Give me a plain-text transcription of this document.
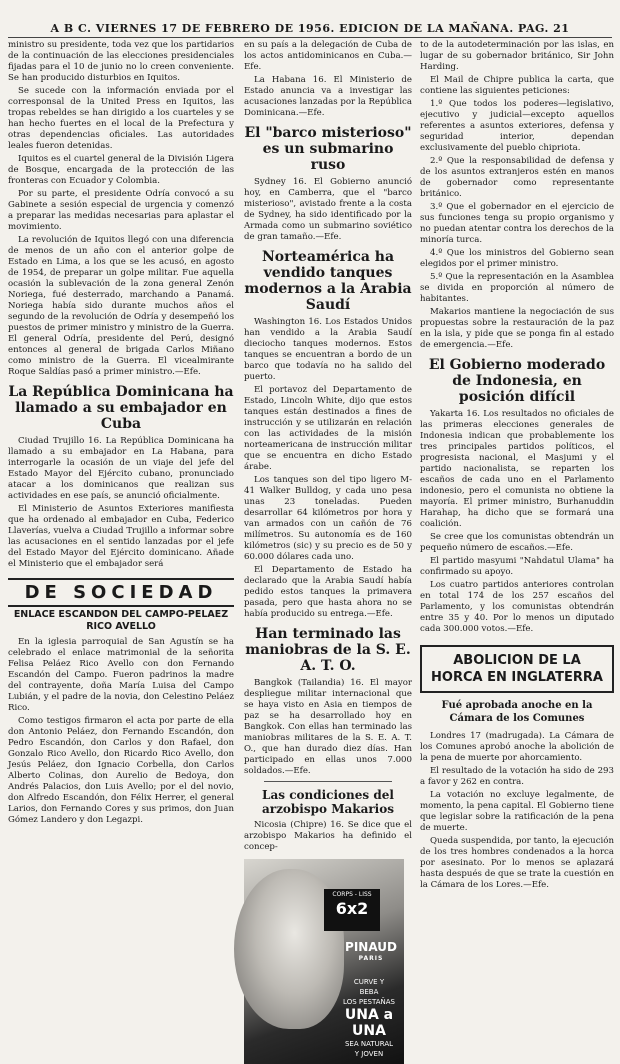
A B C. VIERNES 17 DE FEBRERO DE 1956. EDICION DE LA MAÑANA. PAG. 21

ministro su presidente, toda vez que los partidarios de la continuación de las elecciones presidenciales fijadas para el 10 de junio no lo creen conveniente. Se han producido disturbios en Iquitos.

Se sucede con la información enviada por el corresponsal de la United Press en Iquitos, las tropas rebeldes se han dirigido a los cuarteles y se han hecho fuertes en el local de la Prefectura y otras dependencias oficiales. Las autoridades leales fueron detenidas.

Iquitos es el cuartel general de la División Ligera de Bosque, encargada de la protección de las fronteras con Ecuador y Colombia.

Por su parte, el presidente Odría convocó a su Gabinete a sesión especial de urgencia y comenzó a preparar las medidas necesarias para aplastar el movimiento.

La revolución de Iquitos llegó con una diferencia de menos de un año con el anterior golpe de Estado en Lima, a los que se les acusó, en agosto de 1954, de preparar un golpe militar. Fue aquella ocasión la sublevación de la zona general Zenón Noriega, fué desterrado, marchando a Panamá. Noriega había sido durante muchos años el segundo de la revolución de Odría y desempeñó los puestos de primer ministro y ministro de la Guerra. El general Odría, presidente del Perú, designó entonces al general de brigada Carlos Miñano como ministro de la Guerra. El vicealmirante Roque Saldías pasó a primer ministro.—Efe.

La República Dominicana ha llamado a su embajador en Cuba

Ciudad Trujillo 16. La República Dominicana ha llamado a su embajador en La Habana, para interrogarle la ocasión de un viaje del jefe del Estado Mayor del Ejército cubano, pronunciado atacar a los dominicanos que realizan sus actividades en ese país, se anunció oficialmente.

El Ministerio de Asuntos Exteriores manifiesta que ha ordenado al embajador en Cuba, Federico Llaverías, vuelva a Ciudad Trujillo a informar sobre las acusaciones en el sentido lanzadas por el jefe del Estado Mayor del Ejército dominicano. Añade el Ministerio que el embajador será

DE SOCIEDAD
ENLACE ESCANDON DEL CAMPO-PELAEZ RICO AVELLO

En la iglesia parroquial de San Agustín se ha celebrado el enlace matrimonial de la señorita Felisa Peláez Rico Avello con don Fernando Escandón del Campo. Fueron padrinos la madre del contrayente, doña María Luisa del Campo Lubián, y el padre de la novia, don Celestino Peláez Rico.

Como testigos firmaron el acta por parte de ella don Antonio Peláez, don Fernando Escandón, don Pedro Escandón, don Carlos y don Rafael, don Gonzalo Rico Avello, don Ricardo Rico Avello, don Jesús Peláez, don Ignacio Corbella, don Carlos Alberto Colinas, don Aurelio de Bedoya, don Andrés Palacios, don Luis Avello; por el del novio, don Alfredo Escandón, don Félix Herrer, el general Larios, don Fernando Cores y sus primos, don Juan Gómez Landero y don Legazpi.

en su país a la delegación de Cuba de los actos antidominicanos en Cuba.—Efe.

La Habana 16. El Ministerio de Estado anuncia va a investigar las acusaciones lanzadas por la República Dominicana.—Efe.

El "barco misterioso" es un submarino ruso

Sydney 16. El Gobierno anunció hoy, en Camberra, que el "barco misterioso", avistado frente a la costa de Sydney, ha sido identificado por la Armada como un submarino soviético de gran tamaño.—Efe.

Norteamérica ha vendido tanques modernos a la Arabia Saudí

Washington 16. Los Estados Unidos han vendido a la Arabia Saudí dieciocho tanques modernos. Estos tanques se encuentran a bordo de un barco que todavía no ha salido del puerto.

El portavoz del Departamento de Estado, Lincoln White, dijo que estos tanques están destinados a fines de instrucción y se utilizarán en relación con las actividades de la misión norteamericana de instrucción militar que se encuentra en dicho Estado árabe.

Los tanques son del tipo ligero M-41 Walker Bulldog, y cada uno pesa unas 23 toneladas. Pueden desarrollar 64 kilómetros por hora y van armados con un cañón de 76 milímetros. Su autonomía es de 160 kilómetros (sic) y su precio es de 50 y 60.000 dólares cada uno.

El Departamento de Estado ha declarado que la Arabia Saudí había pedido estos tanques la primavera pasada, pero que hasta ahora no se había producido su entrega.—Efe.

Han terminado las maniobras de la S. E. A. T. O.

Bangkok (Tailandia) 16. El mayor despliegue militar internacional que se haya visto en Asia en tiempos de paz se ha desarrollado hoy en Bangkok. Con ellas han terminado las maniobras militares de la S. E. A. T. O., que han durado diez días. Han participado en ellas unos 7.000 soldados.—Efe.

Las condiciones del arzobispo Makarios

Nicosia (Chipre) 16. Se dice que el arzobispo Makarios ha definido el concep-

CORPS - LISS
6x2
PINAUD
PARIS
CURVE Y
BEBA
LOS PESTAÑAS
UNA a UNA
SEA NATURAL
Y JOVEN

to de la autodeterminación por las islas, en lugar de su gobernador británico, Sir John Harding.

El Mail de Chipre publica la carta, que contiene las siguientes peticiones:

1.º Que todos los poderes—legislativo, ejecutivo y judicial—excepto aquellos referentes a asuntos exteriores, defensa y seguridad interior, dependan exclusivamente del pueblo chipriota.

2.º Que la responsabilidad de defensa y de los asuntos extranjeros estén en manos de gobernador como representante británico.

3.º Que el gobernador en el ejercicio de sus funciones tenga su propio organismo y no puedan atentar contra los derechos de la minoría turca.

4.º Que los ministros del Gobierno sean elegidos por el primer ministro.

5.º Que la representación en la Asamblea se divida en proporción al número de habitantes.

Makarios mantiene la negociación de sus propuestas sobre la restauración de la paz en la isla, y pide que se ponga fin al estado de emergencia.—Efe.

El Gobierno moderado de Indonesia, en posición difícil

Yakarta 16. Los resultados no oficiales de las primeras elecciones generales de Indonesia indican que probablemente los tres principales partidos políticos, el progresista nacional, el Masjumi y el partido nacionalista, se reparten los escaños de cada uno en el Parlamento indonesio, pero el comunista no obtiene la mayoría. El primer ministro, Burhanuddin Harahap, ha dicho que se formará una coalición.

Se cree que los comunistas obtendrán un pequeño número de escaños.—Efe.

El partido masyumi "Nahdatul Ulama" ha confirmado su apoyo.

Los cuatro partidos anteriores controlan en total 174 de los 257 escaños del Parlamento, y los comunistas obtendrán entre 35 y 40. Por lo menos un diputado cada 300.000 votos.—Efe.

ABOLICION DE LA HORCA EN INGLATERRA
Fué aprobada anoche en la Cámara de los Comunes

Londres 17 (madrugada). La Cámara de los Comunes aprobó anoche la abolición de la pena de muerte por ahorcamiento.

El resultado de la votación ha sido de 293 a favor y 262 en contra.

La votación no excluye legalmente, de momento, la pena capital. El Gobierno tiene que legislar sobre la ratificación de la pena de muerte.

Queda suspendida, por tanto, la ejecución de los tres hombres condenados a la horca por asesinato. Por lo menos se aplazará hasta después de que se trate la cuestión en la Cámara de los Lores.—Efe.
